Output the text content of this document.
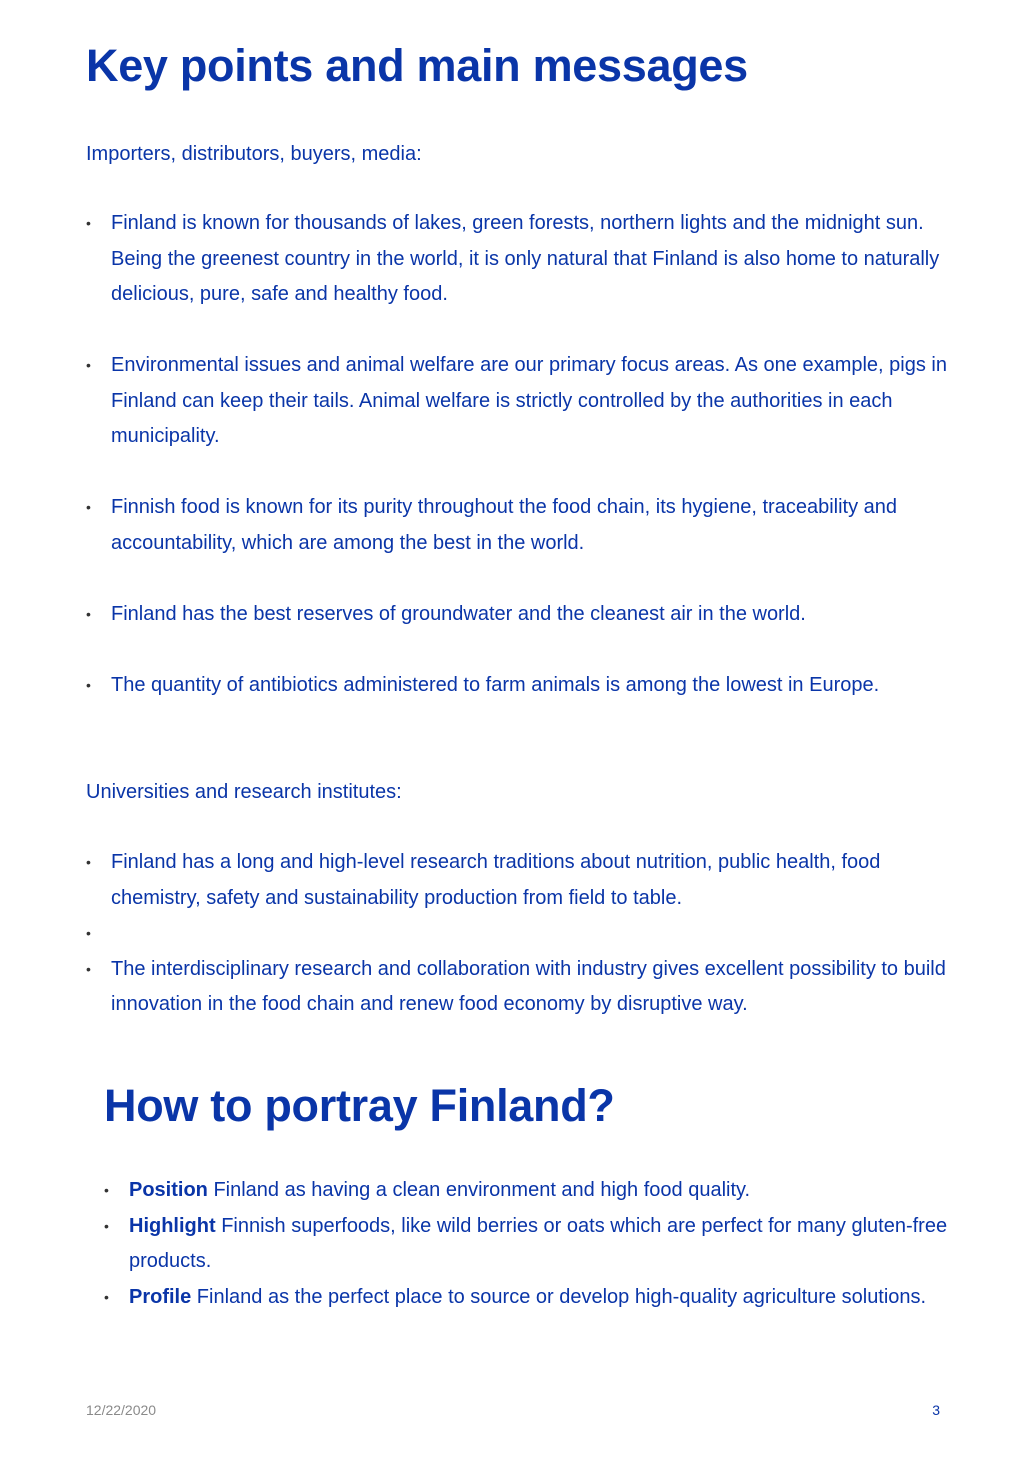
Key points and main messages

Importers, distributors, buyers, media:

• Finland is known for thousands of lakes, green forests, northern lights and the midnight sun. Being the greenest country in the world, it is only natural that Finland is also home to naturally delicious, pure, safe and healthy food.
• Environmental issues and animal welfare are our primary focus areas. As one example, pigs in Finland can keep their tails. Animal welfare is strictly controlled by the authorities in each municipality.
• Finnish food is known for its purity throughout the food chain, its hygiene, traceability and accountability, which are among the best in the world.
• Finland has the best reserves of groundwater and the cleanest air in the world.
• The quantity of antibiotics administered to farm animals is among the lowest in Europe.

Universities and research institutes:

• Finland has a long and high-level research traditions about nutrition, public health, food chemistry, safety and sustainability production from field to table.
•
• The interdisciplinary research and collaboration with industry gives excellent possibility to build innovation in the food chain and renew food economy by disruptive way.
How to portray Finland?
• Position Finland as having a clean environment and high food quality.
• Highlight Finnish superfoods, like wild berries or oats which are perfect for many gluten-free products.
• Profile Finland as the perfect place to source or develop high-quality agriculture solutions.
12/22/2020	3
